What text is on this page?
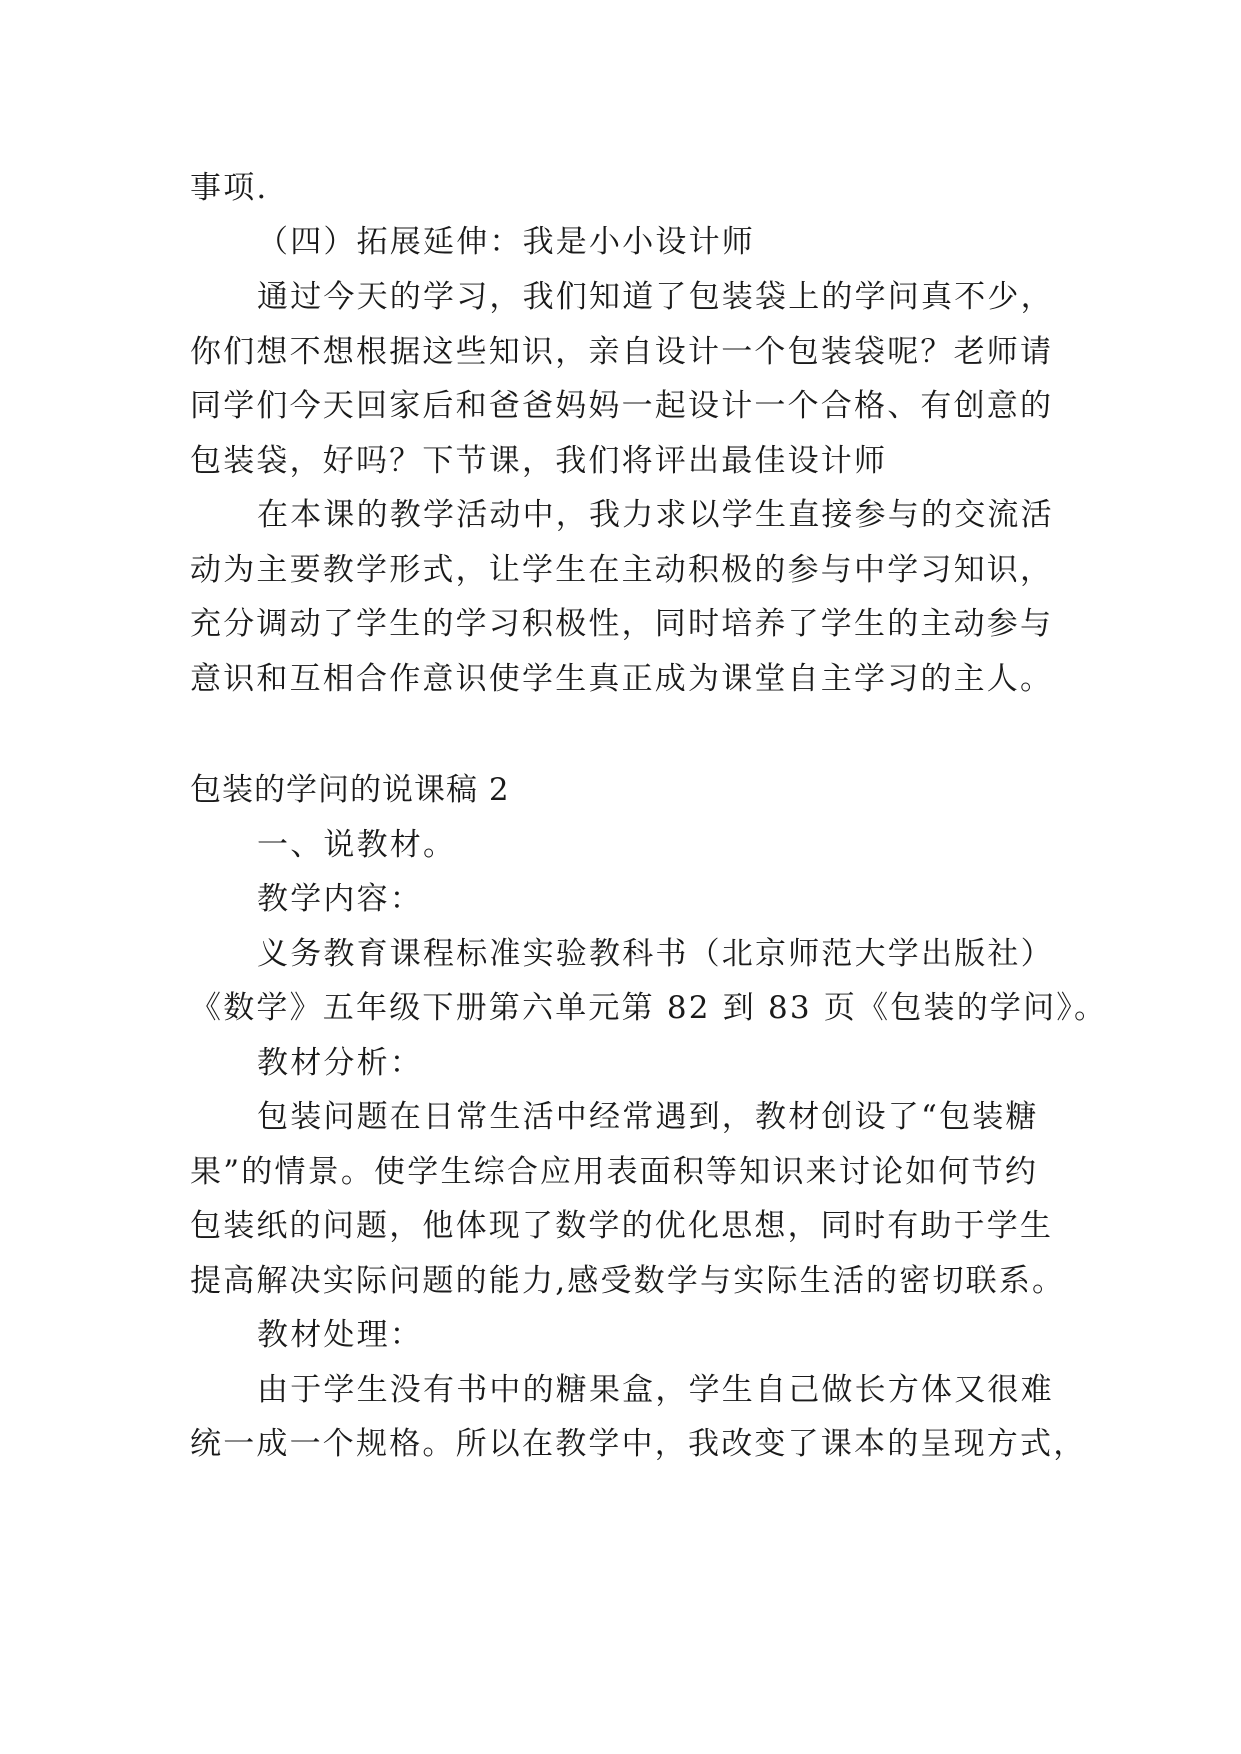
事项.
（四）拓展延伸：我是小小设计师
通过今天的学习，我们知道了包装袋上的学问真不少，
你们想不想根据这些知识，亲自设计一个包装袋呢？老师请
同学们今天回家后和爸爸妈妈一起设计一个合格、有创意的
包装袋，好吗？下节课，我们将评出最佳设计师
在本课的教学活动中，我力求以学生直接参与的交流活
动为主要教学形式，让学生在主动积极的参与中学习知识，
充分调动了学生的学习积极性，同时培养了学生的主动参与
意识和互相合作意识使学生真正成为课堂自主学习的主人。
包装的学问的说课稿 2
一、说教材。
教学内容：
义务教育课程标准实验教科书（北京师范大学出版社）
《数学》五年级下册第六单元第 82 到 83 页《包装的学问》。
教材分析：
包装问题在日常生活中经常遇到，教材创设了“包装糖
果”的情景。使学生综合应用表面积等知识来讨论如何节约
包装纸的问题，他体现了数学的优化思想，同时有助于学生
提高解决实际问题的能力,感受数学与实际生活的密切联系。
教材处理：
由于学生没有书中的糖果盒，学生自己做长方体又很难
统一成一个规格。所以在教学中，我改变了课本的呈现方式，
